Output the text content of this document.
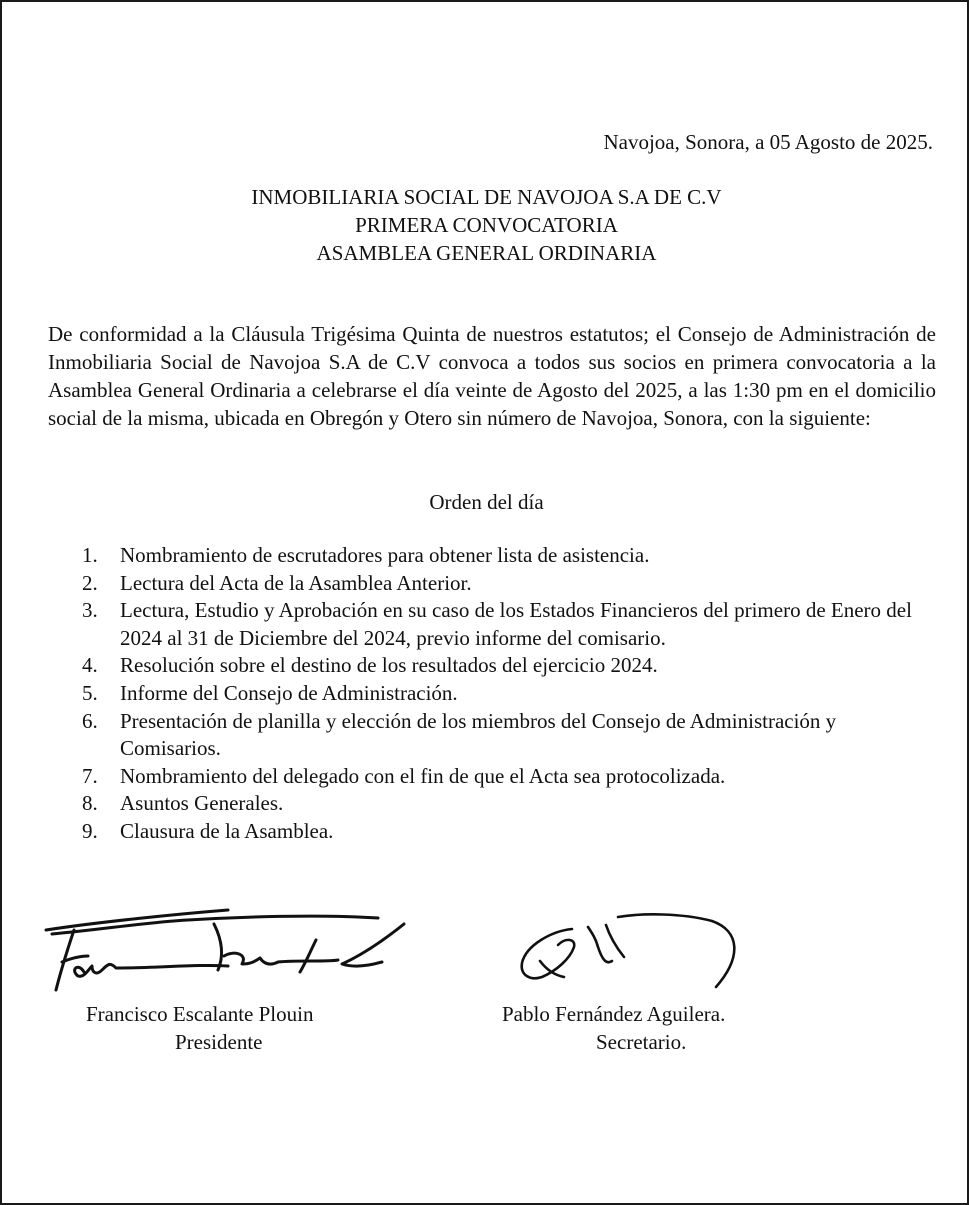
Navojoa, Sonora, a 05 Agosto de 2025.
INMOBILIARIA SOCIAL DE NAVOJOA S.A DE C.V
PRIMERA CONVOCATORIA
ASAMBLEA GENERAL ORDINARIA

De conformidad a la Cláusula Trigésima Quinta de nuestros estatutos; el Consejo de Administración de Inmobiliaria Social de Navojoa S.A de C.V convoca a todos sus socios en primera convocatoria a la Asamblea General Ordinaria a celebrarse el día veinte de Agosto del 2025, a las 1:30 pm en el domicilio social de la misma, ubicada en Obregón y Otero sin número de Navojoa, Sonora, con la siguiente:

Orden del día
1. Nombramiento de escrutadores para obtener lista de asistencia.
2. Lectura del Acta de la Asamblea Anterior.
3. Lectura, Estudio y Aprobación en su caso de los Estados Financieros del primero de Enero del 2024 al 31 de Diciembre del 2024, previo informe del comisario.
4. Resolución sobre el destino de los resultados del ejercicio 2024.
5. Informe del Consejo de Administración.
6. Presentación de planilla y elección de los miembros del Consejo de Administración y Comisarios.
7. Nombramiento del delegado con el fin de que el Acta sea protocolizada.
8. Asuntos Generales.
9. Clausura de la Asamblea.
Francisco Escalante Plouin
Presidente
Pablo Fernández Aguilera.
Secretario.
